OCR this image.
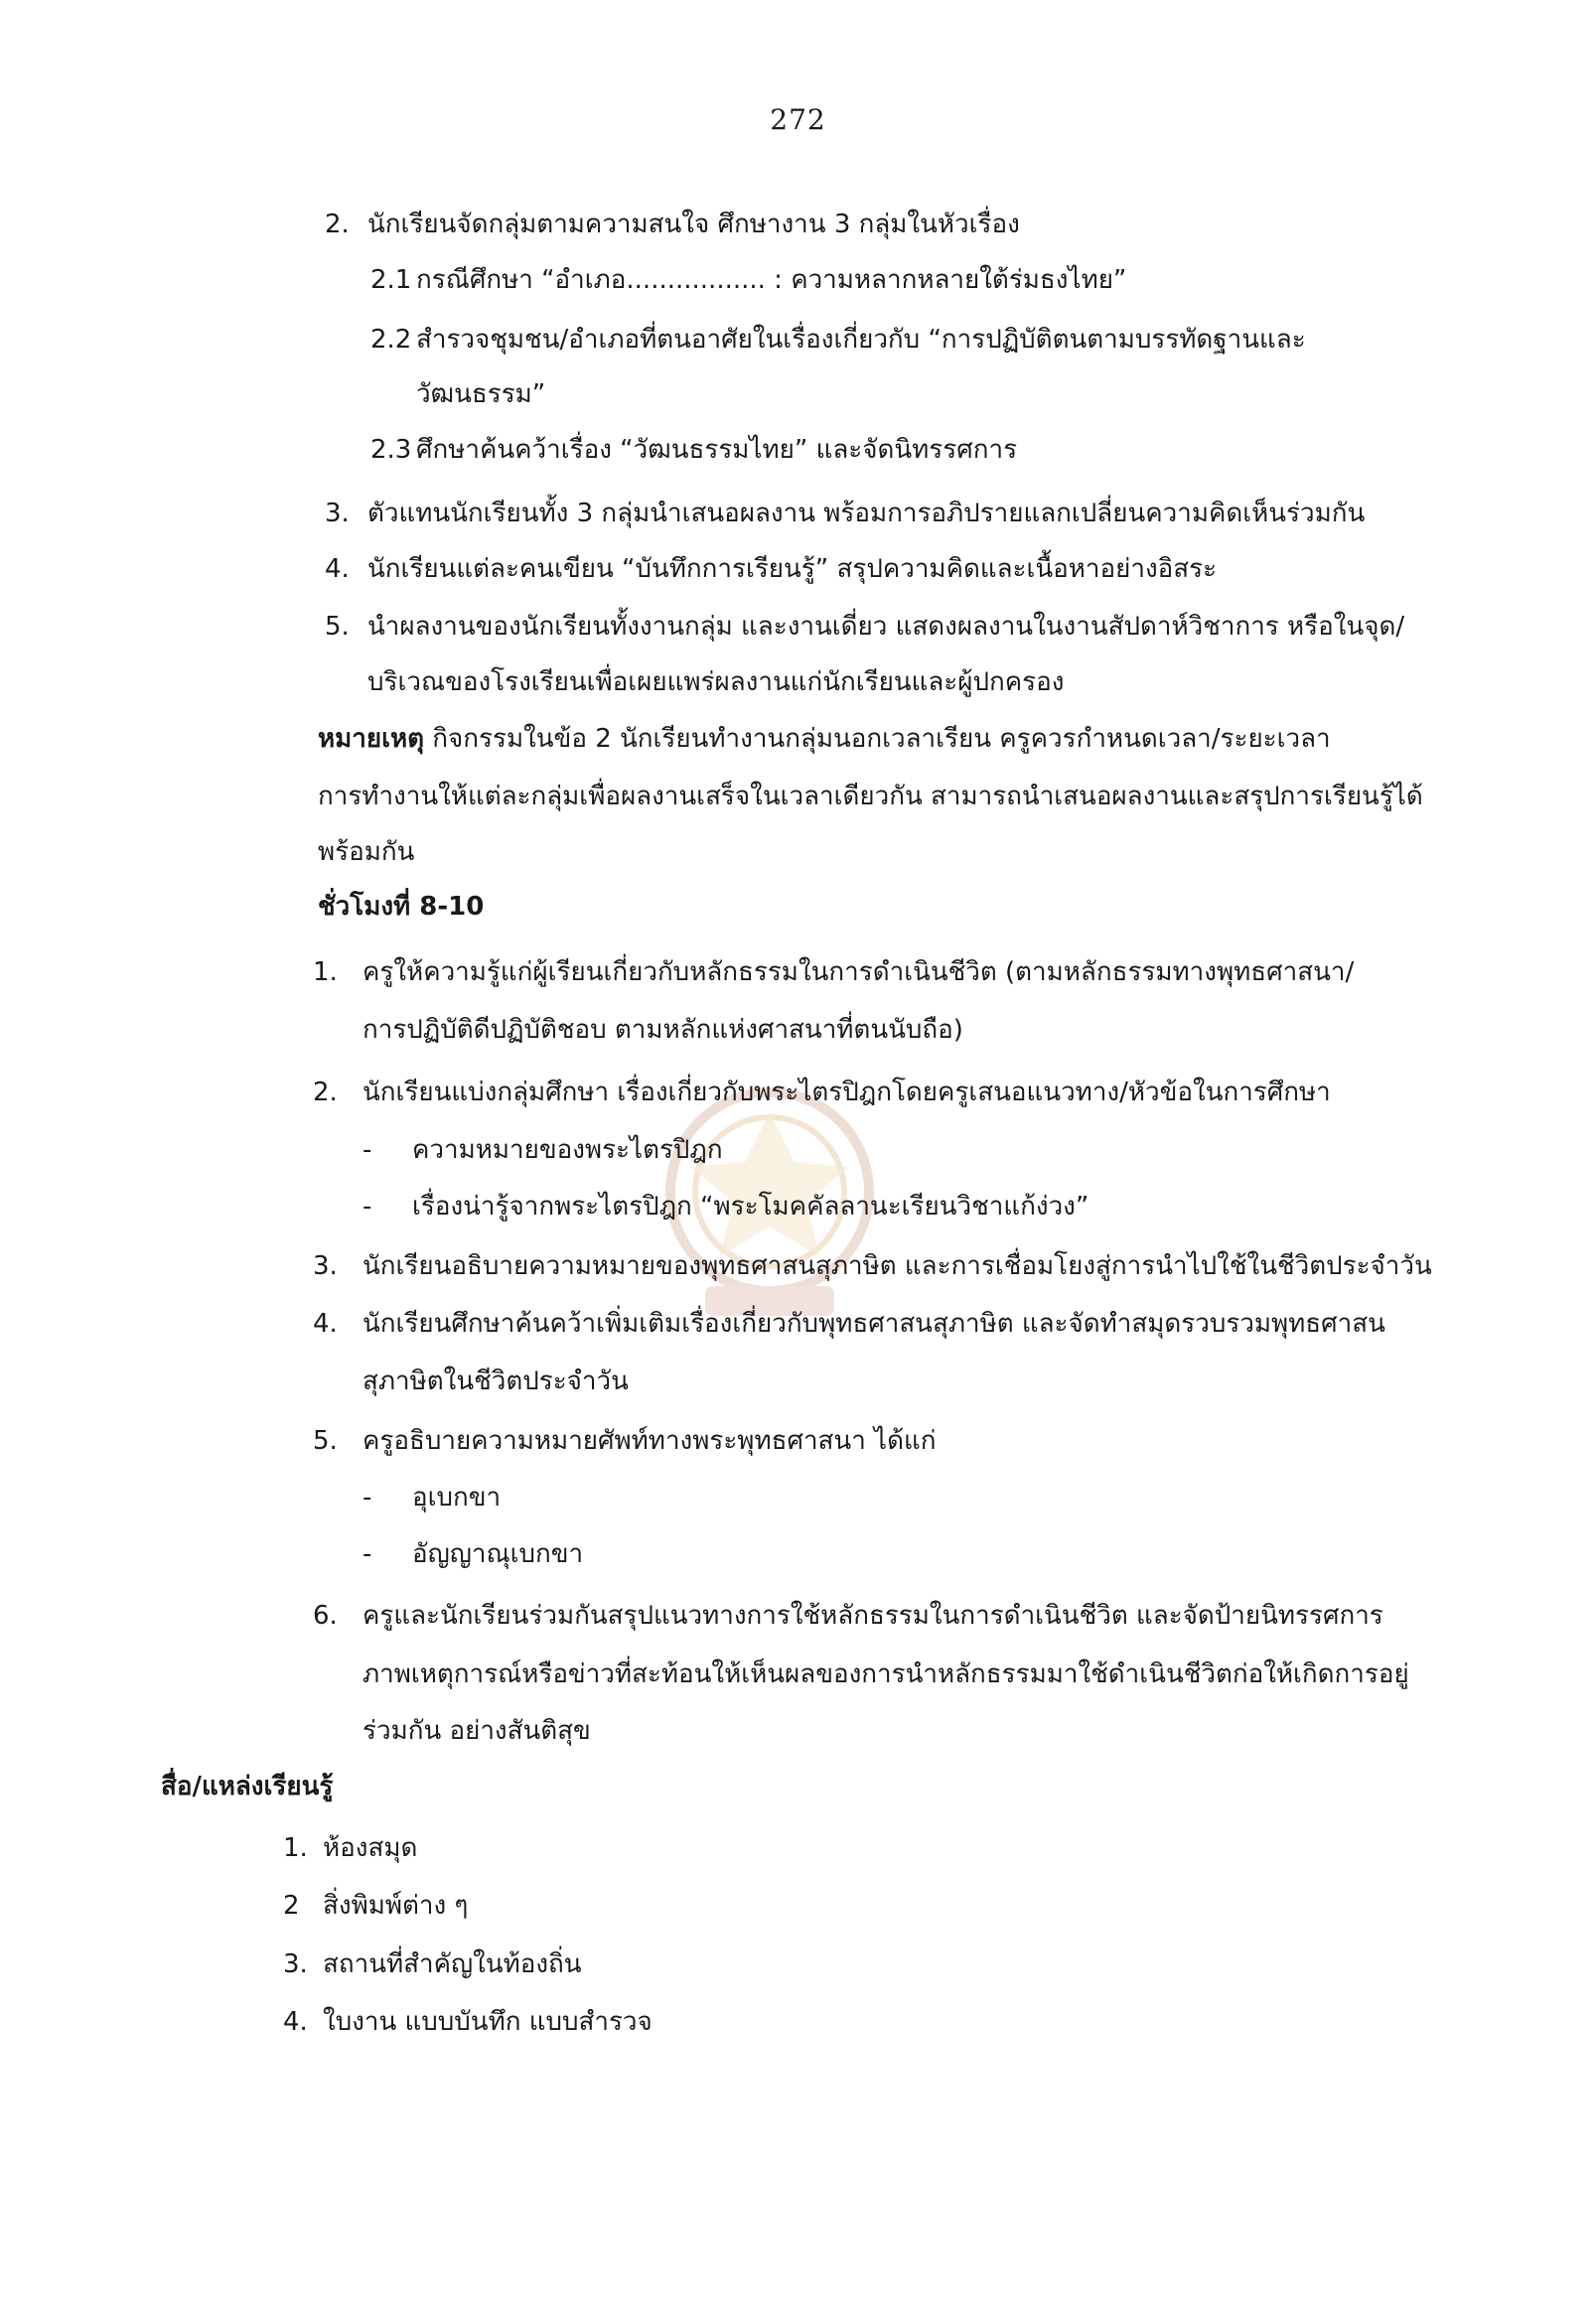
272
2. นักเรียนจัดกลุ่มตามความสนใจ ศึกษางาน 3 กลุ่มในหัวเรื่อง
2.1 กรณีศึกษา “อำเภอ................. : ความหลากหลายใต้ร่มธงไทย”
2.2 สำรวจชุมชน/อำเภอที่ตนอาศัยในเรื่องเกี่ยวกับ “การปฏิบัติตนตามบรรทัดฐานและ
วัฒนธรรม”
2.3 ศึกษาค้นคว้าเรื่อง “วัฒนธรรมไทย” และจัดนิทรรศการ
3. ตัวแทนนักเรียนทั้ง 3 กลุ่มนำเสนอผลงาน พร้อมการอภิปรายแลกเปลี่ยนความคิดเห็นร่วมกัน
4. นักเรียนแต่ละคนเขียน “บันทึกการเรียนรู้” สรุปความคิดและเนื้อหาอย่างอิสระ
5. นำผลงานของนักเรียนทั้งงานกลุ่ม และงานเดี่ยว แสดงผลงานในงานสัปดาห์วิชาการ หรือในจุด/
บริเวณของโรงเรียนเพื่อเผยแพร่ผลงานแก่นักเรียนและผู้ปกครอง
หมายเหตุ กิจกรรมในข้อ 2 นักเรียนทำงานกลุ่มนอกเวลาเรียน ครูควรกำหนดเวลา/ระยะเวลา
การทำงานให้แต่ละกลุ่มเพื่อผลงานเสร็จในเวลาเดียวกัน สามารถนำเสนอผลงานและสรุปการเรียนรู้ได้
พร้อมกัน
ชั่วโมงที่ 8-10
1. ครูให้ความรู้แก่ผู้เรียนเกี่ยวกับหลักธรรมในการดำเนินชีวิต (ตามหลักธรรมทางพุทธศาสนา/
การปฏิบัติดีปฏิบัติชอบ ตามหลักแห่งศาสนาที่ตนนับถือ)
2. นักเรียนแบ่งกลุ่มศึกษา เรื่องเกี่ยวกับพระไตรปิฎกโดยครูเสนอแนวทาง/หัวข้อในการศึกษา
- ความหมายของพระไตรปิฎก
- เรื่องน่ารู้จากพระไตรปิฎก “พระโมคคัลลานะเรียนวิชาแก้ง่วง”
3. นักเรียนอธิบายความหมายของพุทธศาสนสุภาษิต และการเชื่อมโยงสู่การนำไปใช้ในชีวิตประจำวัน
4. นักเรียนศึกษาค้นคว้าเพิ่มเติมเรื่องเกี่ยวกับพุทธศาสนสุภาษิต และจัดทำสมุดรวบรวมพุทธศาสน
สุภาษิตในชีวิตประจำวัน
5. ครูอธิบายความหมายศัพท์ทางพระพุทธศาสนา ได้แก่
- อุเบกขา
- อัญญาณุเบกขา
6. ครูและนักเรียนร่วมกันสรุปแนวทางการใช้หลักธรรมในการดำเนินชีวิต และจัดป้ายนิทรรศการ
ภาพเหตุการณ์หรือข่าวที่สะท้อนให้เห็นผลของการนำหลักธรรมมาใช้ดำเนินชีวิตก่อให้เกิดการอยู่
ร่วมกัน อย่างสันติสุข
สื่อ/แหล่งเรียนรู้
1. ห้องสมุด
2 สิ่งพิมพ์ต่าง ๆ
3. สถานที่สำคัญในท้องถิ่น
4. ใบงาน แบบบันทึก แบบสำรวจ
